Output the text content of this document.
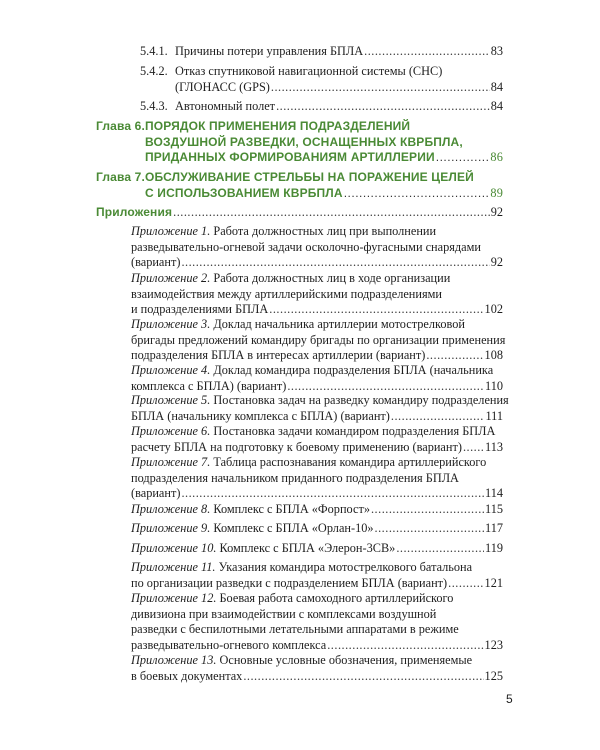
5.4.1. Причины потери управления БПЛА .....	83
5.4.2. Отказ спутниковой навигационной системы (СНС)
(ГЛОНАСС (GPS) .....	84
5.4.3. Автономный полет .....	84
Глава 6. ПОРЯДОК ПРИМЕНЕНИЯ ПОДРАЗДЕЛЕНИЙ
ВОЗДУШНОЙ РАЗВЕДКИ, ОСНАЩЕННЫХ КВРБПЛА,
ПРИДАННЫХ ФОРМИРОВАНИЯМ АРТИЛЛЕРИИ .....	86
Глава 7. ОБСЛУЖИВАНИЕ СТРЕЛЬБЫ НА ПОРАЖЕНИЕ ЦЕЛЕЙ
С ИСПОЛЬЗОВАНИЕМ КВРБПЛА .....	89
Приложения .....	92
Приложение 1. Работа должностных лиц при выполнении
разведывательно-огневой задачи осколочно-фугасными снарядами
(вариант) .....	92
Приложение 2. Работа должностных лиц в ходе организации
взаимодействия между артиллерийскими подразделениями
и подразделениями БПЛА .....	102
Приложение 3. Доклад начальника артиллерии мотострелковой
бригады предложений командиру бригады по организации применения
подразделения БПЛА в интересах артиллерии (вариант) .....	108
Приложение 4. Доклад командира подразделения БПЛА (начальника
комплекса с БПЛА) (вариант) .....	110
Приложение 5. Постановка задач на разведку командиру подразделения
БПЛА (начальнику комплекса с БПЛА) (вариант) .....	111
Приложение 6. Постановка задачи командиром подразделения БПЛА
расчету БПЛА на подготовку к боевому применению (вариант) ..... 113
Приложение 7. Таблица распознавания командира артиллерийского
подразделения начальником приданного подразделения БПЛА
(вариант) .....	114
Приложение 8. Комплекс с БПЛА «Форпост» .....	115
Приложение 9. Комплекс с БПЛА «Орлан-10» .....	117
Приложение 10. Комплекс с БПЛА «Элерон-3СВ» .....	119
Приложение 11. Указания командира мотострелкового батальона
по организации разведки с подразделением БПЛА (вариант) .....	121
Приложение 12. Боевая работа самоходного артиллерийского
дивизиона при взаимодействии с комплексами воздушной
разведки с беспилотными летательными аппаратами в режиме
разведывательно-огневого комплекса .....	123
Приложение 13. Основные условные обозначения, применяемые
в боевых документах .....	125
5
